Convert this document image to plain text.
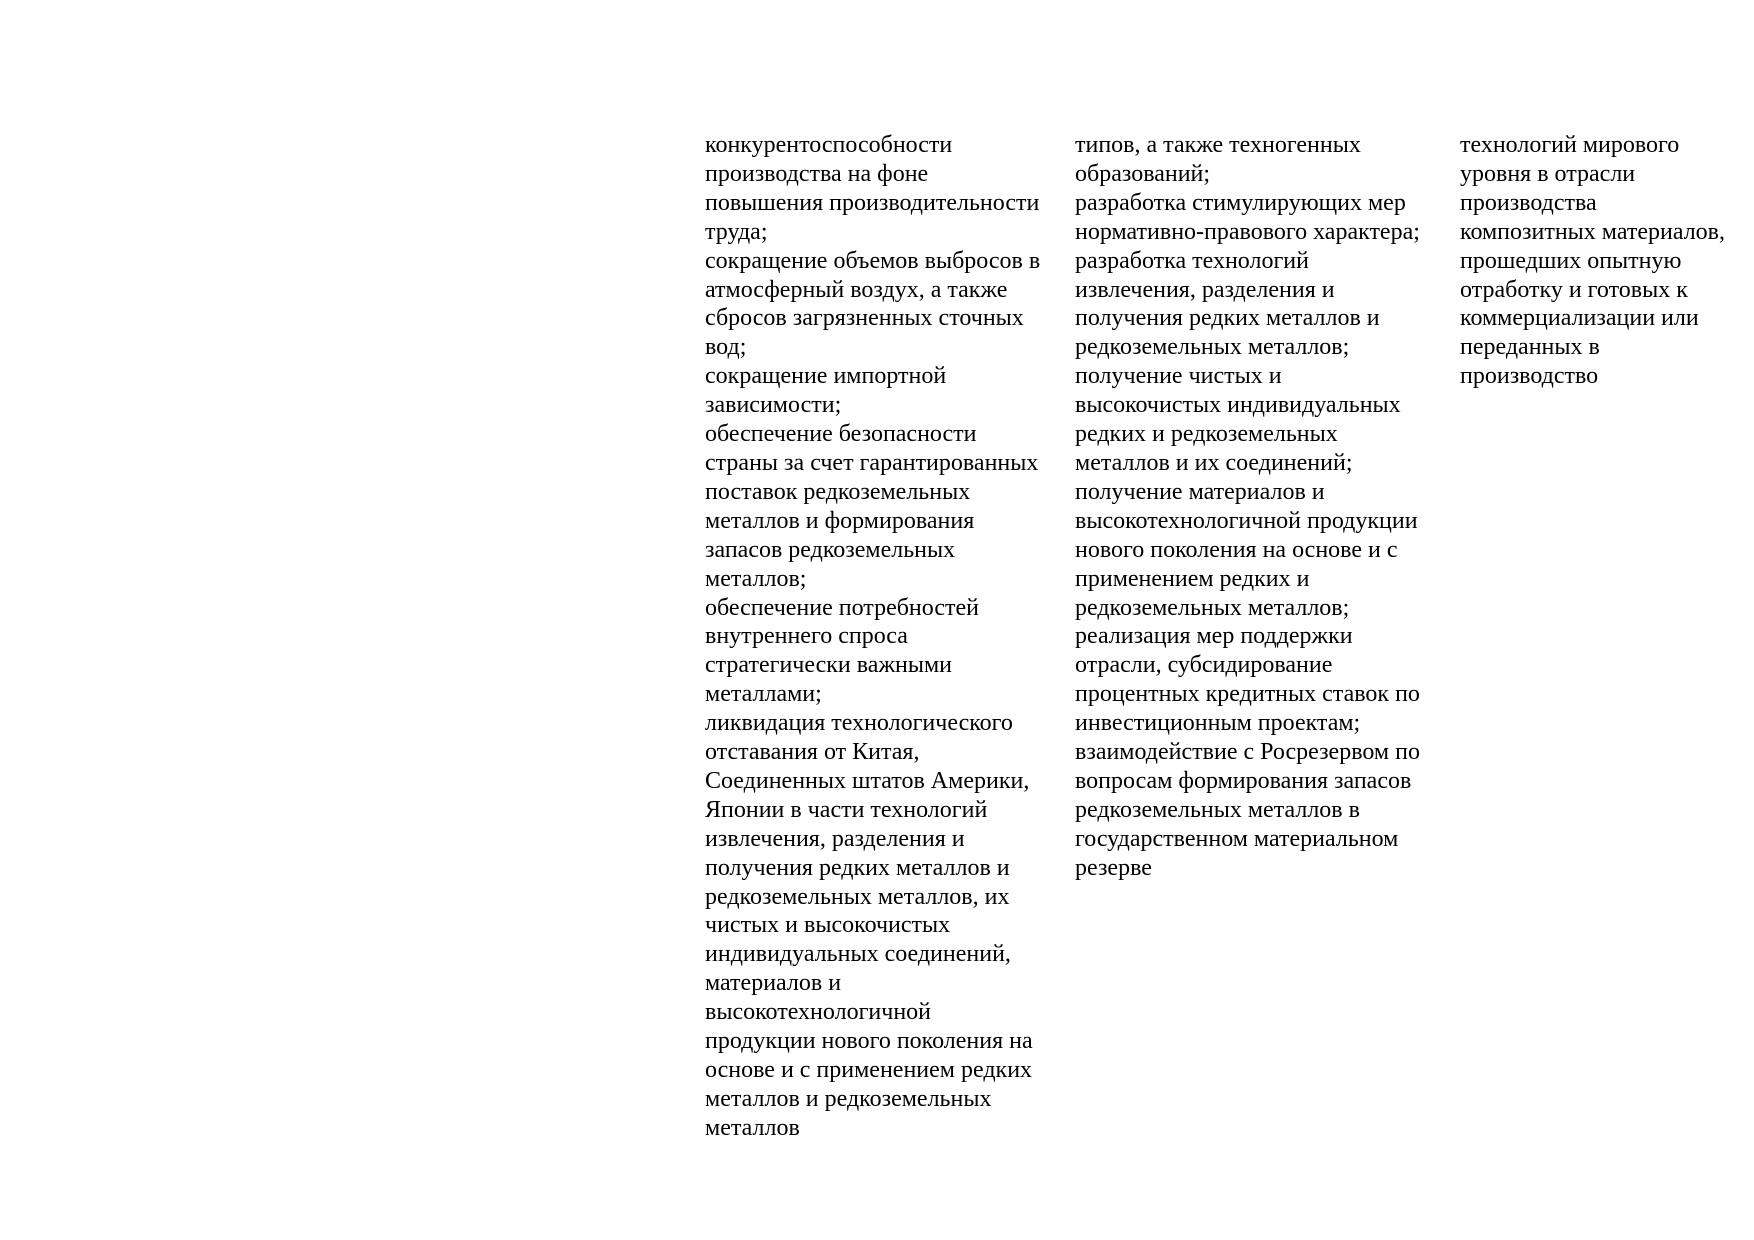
конкурентоспособности
производства на фоне
повышения производительности
труда;
сокращение объемов выбросов в
атмосферный воздух, а также
сбросов загрязненных сточных
вод;
сокращение импортной
зависимости;
обеспечение безопасности
страны за счет гарантированных
поставок редкоземельных
металлов и формирования
запасов редкоземельных
металлов;
обеспечение потребностей
внутреннего спроса
стратегически важными
металлами;
ликвидация технологического
отставания от Китая,
Соединенных штатов Америки,
Японии в части технологий
извлечения, разделения и
получения редких металлов и
редкоземельных металлов, их
чистых и высокочистых
индивидуальных соединений,
материалов и
высокотехнологичной
продукции нового поколения на
основе и с применением редких
металлов и редкоземельных
металлов
типов, а также техногенных
образований;
разработка стимулирующих мер
нормативно-правового характера;
разработка технологий
извлечения, разделения и
получения редких металлов и
редкоземельных металлов;
получение чистых и
высокочистых индивидуальных
редких и редкоземельных
металлов и их соединений;
получение материалов и
высокотехнологичной продукции
нового поколения на основе и с
применением редких и
редкоземельных металлов;
реализация мер поддержки
отрасли, субсидирование
процентных кредитных ставок по
инвестиционным проектам;
взаимодействие с Росрезервом по
вопросам формирования запасов
редкоземельных металлов в
государственном материальном
резерве
технологий мирового
уровня в отрасли
производства
композитных материалов,
прошедших опытную
отработку и готовых к
коммерциализации или
переданных в
производство
